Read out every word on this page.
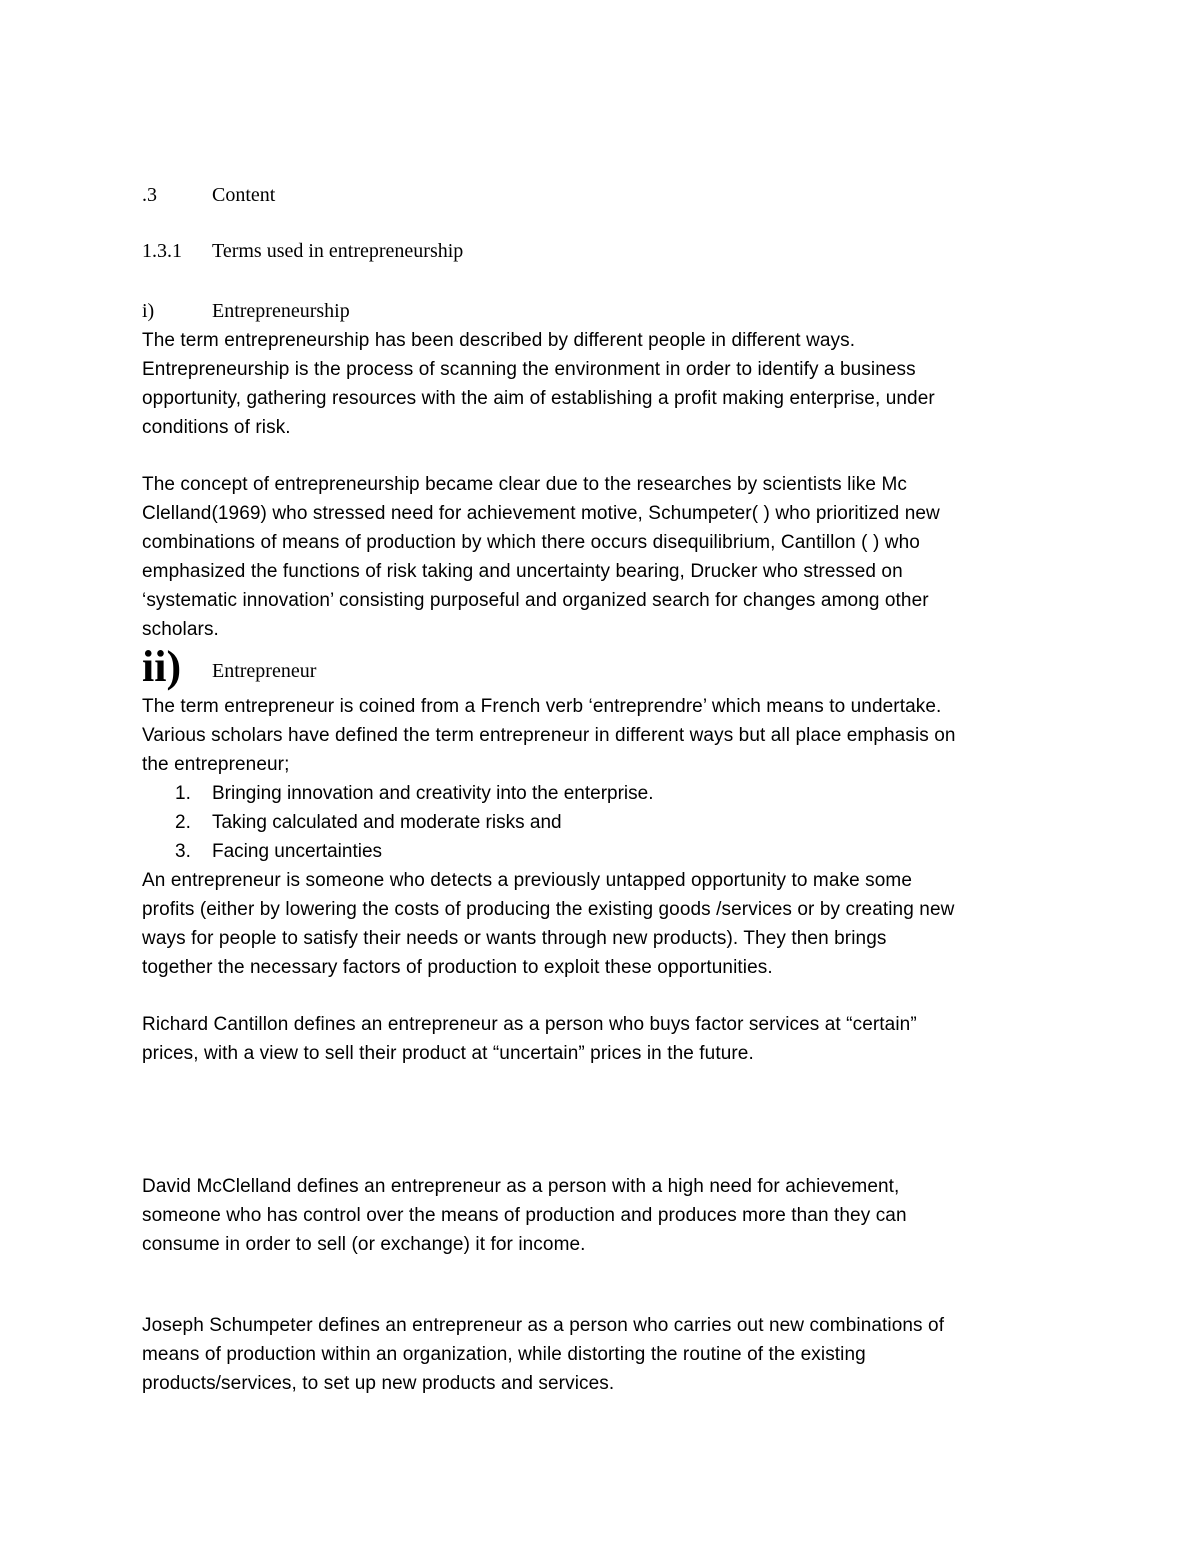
.3	Content
1.3.1 Terms used in entrepreneurship
i)	Entrepreneurship
The term entrepreneurship has been described by different people in different ways.
Entrepreneurship is the process of scanning the environment in order to identify a business
opportunity, gathering resources with the aim of establishing a profit making enterprise, under
conditions of risk.
The concept of entrepreneurship became clear due to the researches by scientists like Mc
Clelland(1969) who stressed need for achievement motive, Schumpeter( ) who prioritized new
combinations of means of production by which there occurs disequilibrium, Cantillon ( ) who
emphasized the functions of risk taking and uncertainty bearing, Drucker who stressed on
‘systematic innovation’ consisting purposeful and organized search for changes among other
scholars.
ii) Entrepreneur
The term entrepreneur is coined from a French verb ‘entreprendre’ which means to undertake.
Various scholars have defined the term entrepreneur in different ways but all place emphasis on
the entrepreneur;
1. Bringing innovation and creativity into the enterprise.
2. Taking calculated and moderate risks and
3. Facing uncertainties
An entrepreneur is someone who detects a previously untapped opportunity to make some
profits (either by lowering the costs of producing the existing goods /services or by creating new
ways for people to satisfy their needs or wants through new products). They then brings
together the necessary factors of production to exploit these opportunities.
Richard Cantillon defines an entrepreneur as a person who buys factor services at “certain”
prices, with a view to sell their product at “uncertain” prices in the future.
David McClelland defines an entrepreneur as a person with a high need for achievement,
someone who has control over the means of production and produces more than they can
consume in order to sell (or exchange) it for income.
Joseph Schumpeter defines an entrepreneur as a person who carries out new combinations of
means of production within an organization, while distorting the routine of the existing
products/services, to set up new products and services.
